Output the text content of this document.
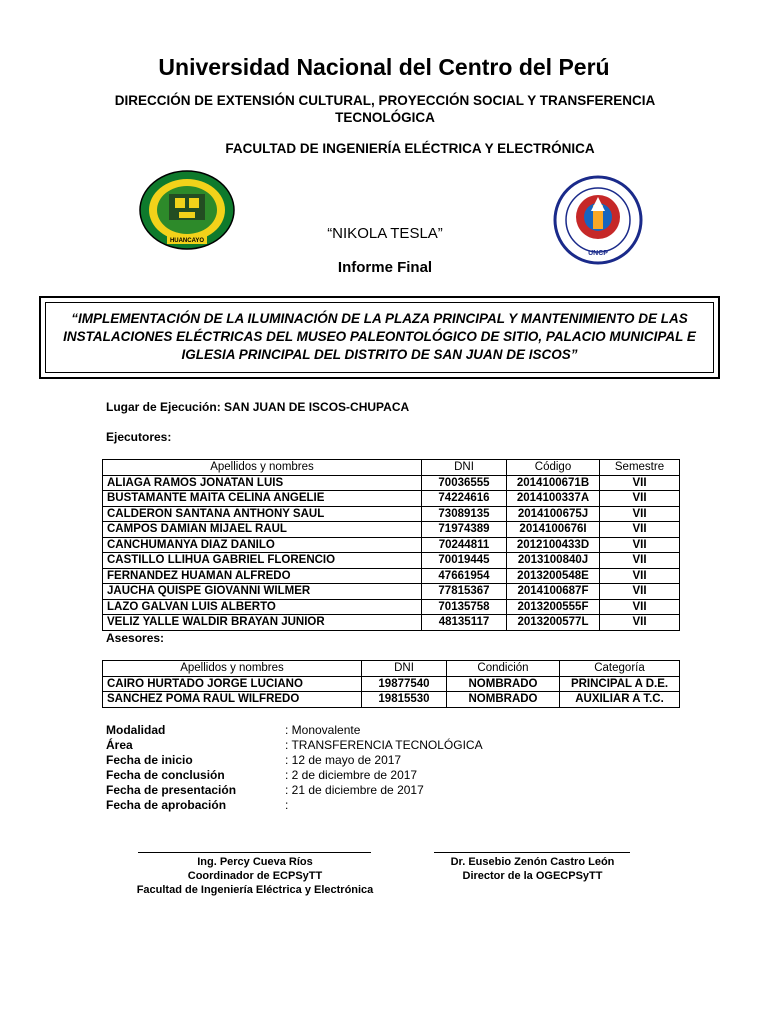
Universidad Nacional del Centro del Perú
DIRECCIÓN DE EXTENSIÓN CULTURAL, PROYECCIÓN SOCIAL Y TRANSFERENCIA TECNOLÓGICA
FACULTAD DE INGENIERÍA ELÉCTRICA Y ELECTRÓNICA
HUANCAYO
UNCP
“NIKOLA TESLA”
Informe Final
“IMPLEMENTACIÓN DE LA ILUMINACIÓN DE LA PLAZA PRINCIPAL Y MANTENIMIENTO DE LAS INSTALACIONES ELÉCTRICAS DEL MUSEO PALEONTOLÓGICO DE SITIO, PALACIO MUNICIPAL E IGLESIA PRINCIPAL DEL DISTRITO DE SAN JUAN DE ISCOS”
Lugar de Ejecución: SAN JUAN DE ISCOS-CHUPACA
Ejecutores:
Apellidos y nombres	DNI	Código	Semestre
ALIAGA RAMOS JONATAN LUIS	70036555	2014100671B	VII
BUSTAMANTE MAITA CELINA ANGELIE	74224616	2014100337A	VII
CALDERON SANTANA ANTHONY SAUL	73089135	2014100675J	VII
CAMPOS DAMIAN MIJAEL RAUL	71974389	2014100676I	VII
CANCHUMANYA DIAZ DANILO	70244811	2012100433D	VII
CASTILLO LLIHUA GABRIEL FLORENCIO	70019445	2013100840J	VII
FERNANDEZ HUAMAN ALFREDO	47661954	2013200548E	VII
JAUCHA QUISPE GIOVANNI WILMER	77815367	2014100687F	VII
LAZO GALVAN LUIS ALBERTO	70135758	2013200555F	VII
VELIZ YALLE WALDIR BRAYAN JUNIOR	48135117	2013200577L	VII
Asesores:
Apellidos y nombres	DNI	Condición	Categoría
CAIRO HURTADO JORGE LUCIANO	19877540	NOMBRADO	PRINCIPAL A D.E.
SANCHEZ POMA RAUL WILFREDO	19815530	NOMBRADO	AUXILIAR A T.C.
Modalidad	: Monovalente
Área	: TRANSFERENCIA TECNOLÓGICA
Fecha de inicio	: 12 de mayo de 2017
Fecha de conclusión	: 2 de diciembre de 2017
Fecha de presentación	: 21 de diciembre de 2017
Fecha de aprobación	:
Ing. Percy Cueva Ríos
Coordinador de ECPSyTT
Facultad de Ingeniería Eléctrica y Electrónica
Dr. Eusebio Zenón Castro León
Director de la OGECPSyTT
